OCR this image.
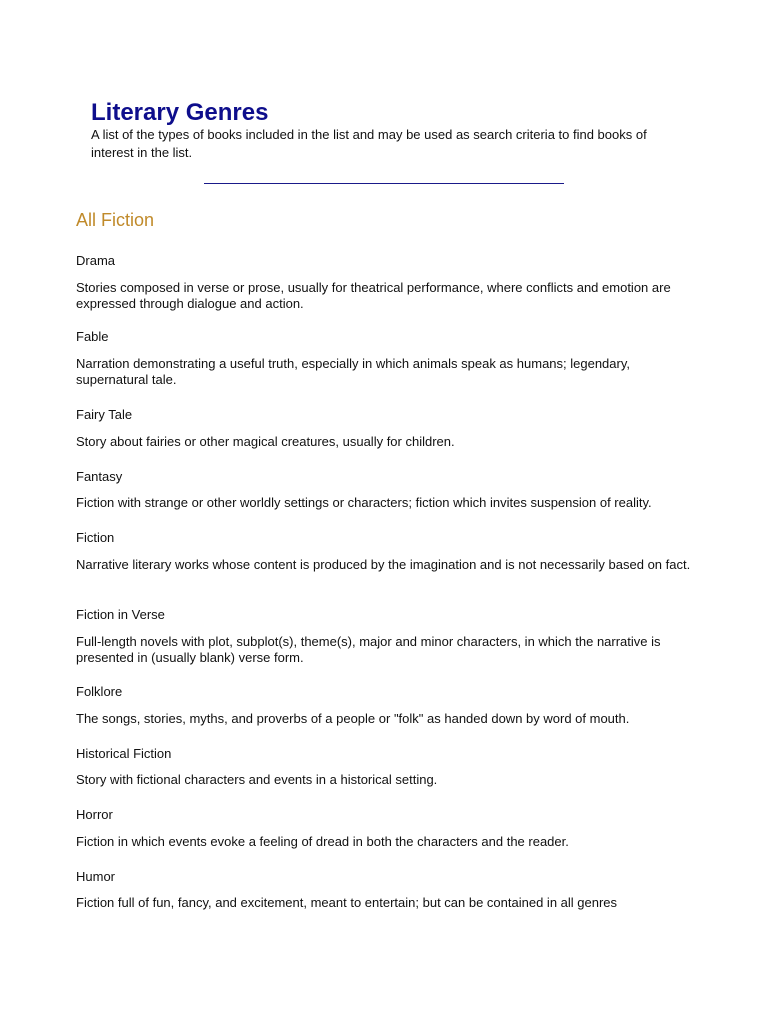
Literary Genres

A list of the types of books included in the list and may be used as search criteria to find books of interest in the list.

All Fiction

Drama

Stories composed in verse or prose, usually for theatrical performance, where conflicts and emotion are expressed through dialogue and action.

Fable

Narration demonstrating a useful truth, especially in which animals speak as humans; legendary, supernatural tale.

Fairy Tale

Story about fairies or other magical creatures, usually for children.

Fantasy

Fiction with strange or other worldly settings or characters; fiction which invites suspension of reality.

Fiction

Narrative literary works whose content is produced by the imagination and is not necessarily based on fact.

Fiction in Verse

Full-length novels with plot, subplot(s), theme(s), major and minor characters, in which the narrative is presented in (usually blank) verse form.

Folklore

The songs, stories, myths, and proverbs of a people or "folk" as handed down by word of mouth.

Historical Fiction

Story with fictional characters and events in a historical setting.

Horror

Fiction in which events evoke a feeling of dread in both the characters and the reader.

Humor

Fiction full of fun, fancy, and excitement, meant to entertain; but can be contained in all genres
